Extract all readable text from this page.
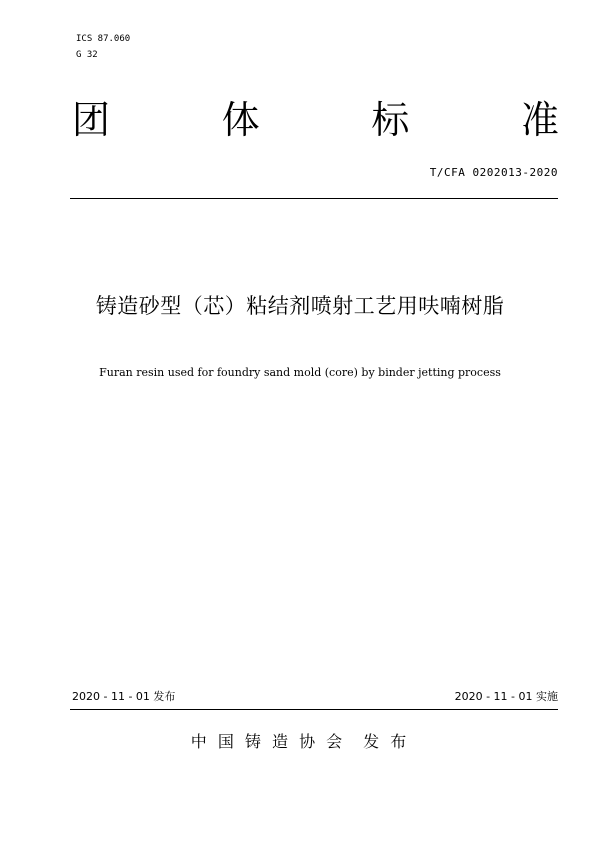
ICS 87.060
G 32
团	体	标	准
T/CFA 0202013-2020
铸造砂型（芯）粘结剂喷射工艺用呋喃树脂
Furan resin used for foundry sand mold (core) by binder jetting process
2020 - 11 - 01 发布	2020 - 11 - 01 实施
中 国 铸 造 协 会 发 布
